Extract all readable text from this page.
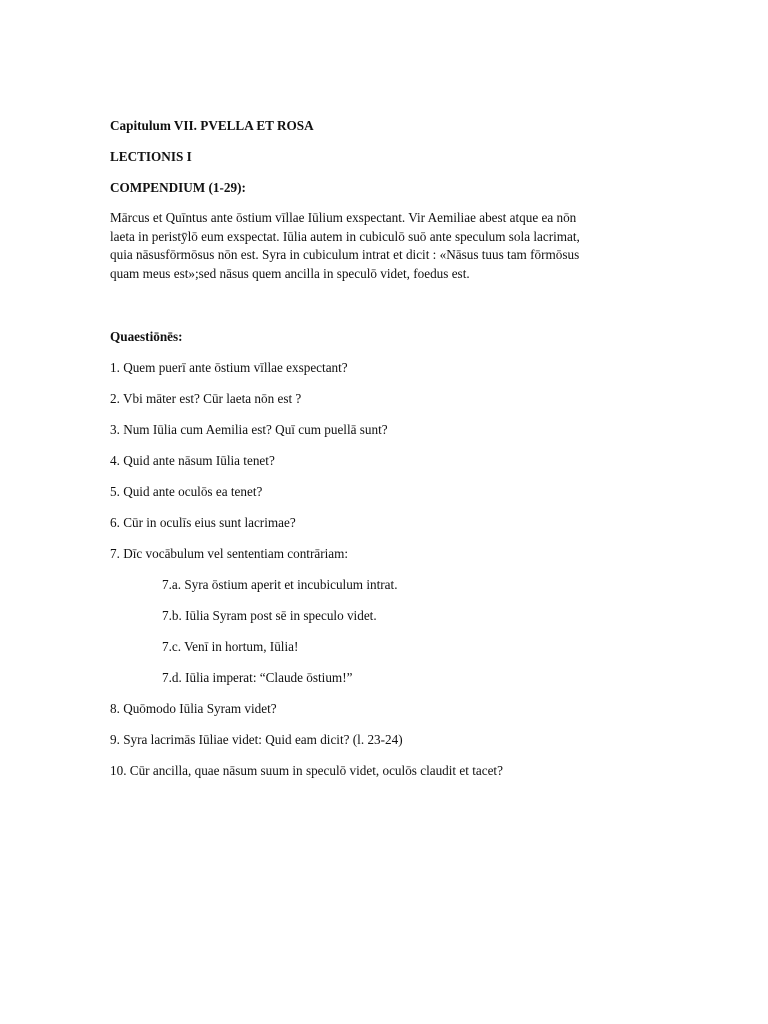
Capitulum VII. PVELLA ET ROSA
LECTIONIS I
COMPENDIUM (1-29):
Mārcus et Quīntus ante ōstium vīllae Iūlium exspectant. Vir Aemiliae abest atque ea nōn
laeta in peristȳlō eum exspectat. Iūlia autem in cubiculō suō ante speculum sola lacrimat,
quia nāsusfōrmōsus nōn est. Syra in cubiculum intrat et dicit : «Nāsus tuus tam fōrmōsus
quam meus est»;sed nāsus quem ancilla in speculō videt, foedus est.
Quaestiōnēs:
1. Quem puerī ante ōstium vīllae exspectant?
2. Vbi māter est? Cūr laeta nōn est ?
3. Num Iūlia cum Aemilia est? Quī cum puellā sunt?
4. Quid ante nāsum Iūlia tenet?
5. Quid ante oculōs ea tenet?
6. Cūr in oculīs eius sunt lacrimae?
7. Dīc vocābulum vel sententiam contrāriam:
7.a. Syra ōstium aperit et incubiculum intrat.
7.b. Iūlia Syram post sē in speculo videt.
7.c. Venī in hortum, Iūlia!
7.d. Iūlia imperat: “Claude ōstium!”
8. Quōmodo Iūlia Syram videt?
9. Syra lacrimās Iūliae videt: Quid eam dicit? (l. 23-24)
10. Cūr ancilla, quae nāsum suum in speculō videt, oculōs claudit et tacet?
